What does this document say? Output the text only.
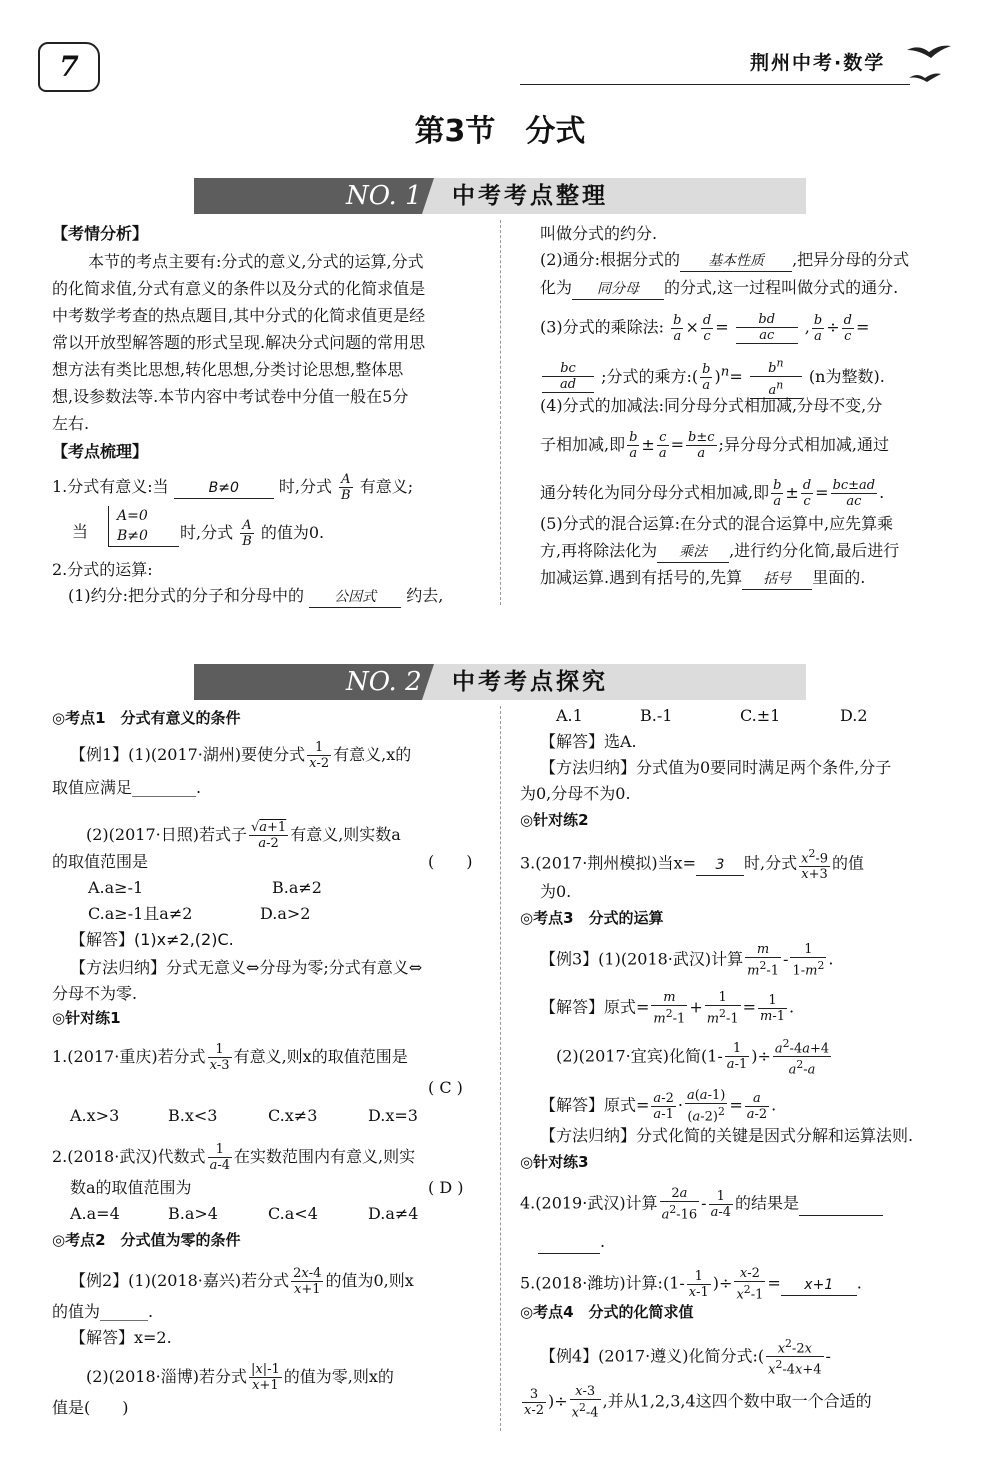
7	荆州中考·数学
第3节　分式
NO. 1	中考考点整理
【考情分析】
本节的考点主要有:分式的意义,分式的运算,分式
的化简求值,分式有意义的条件以及分式的化简求值是
中考数学考查的热点题目,其中分式的化简求值更是经
常以开放型解答题的形式呈现.解决分式问题的常用思
想方法有类比思想,转化思想,分类讨论思想,整体思
想,设参数法等.本节内容中考试卷中分值一般在5分
左右.
【考点梳理】
1.分式有意义:当	B≠0 时,分式 $\frac{A}{B}$ 有意义;
当
A=0
B≠0	时,分式 $\frac{A}{B}$ 的值为0.
2.分式的运算:
(1)约分:把分式的分子和分母中的 公因式 约去,
叫做分式的约分.
(2)通分:根据分式的 基本性质 ,把异分母的分式
化为 同分母 的分式,这一过程叫做分式的通分.
(3)分式的乘除法: $\frac{b}{a} \times \frac{d}{c} = \frac{bd}{ac}$ , $\frac{b}{a} \div \frac{d}{c}$ =
$\frac{bc}{ad}$ ;分式的乘方:( $\frac{b}{a} )^n= \frac{b^n}{a^n} (n$为整数).
(4)分式的加减法:同分母分式相加减,分母不变,分
子相加减,即 $\frac{b}{a} \pm \frac{c}{a} = \frac{b\pm c}{a}$ ;异分母分式相加减,通过
通分转化为同分母分式相加减,即 $\frac{b}{a} \pm \frac{d}{c} = \frac{bc\pm ad}{ac}$ .
(5)分式的混合运算:在分式的混合运算中,应先算乘
方,再将除法化为 乘法 ,进行约分化简,最后进行
加减运算.遇到有括号的,先算 括号 里面的.
NO. 2	中考考点探究
◎考点1　分式有意义的条件
【例1】(1)(2017·湖州)要使分式 $\frac{1}{x-2}$ 有意义,x的
取值应满足________.
(2)(2017·日照)若式子 $\frac{√a+1}{a-2}$ 有意义,则实数a
的取值范围是	(　　)
A.a≥-1	B.a≠2
C.a≥-1且a≠2	D.a>2
【解答】(1)x≠2,(2)C.
【方法归纳】分式无意义⇔分母为零;分式有意义⇔
分母不为零.
◎针对练1
1.(2017·重庆)若分式 $\frac{1}{x-3}$ 有意义,则x的取值范围是
( C )
A.x>3	B.x<3	C.x≠3	D.x=3
2.(2018·武汉)代数式 $\frac{1}{a-4}$ 在实数范围内有意义,则实
数a的取值范围为	( D )
A.a=4	B.a>4	C.a<4	D.a≠4
◎考点2　分式值为零的条件
【例2】(1)(2018·嘉兴)若分式 $\frac{2x-4}{x+1}$ 的值为0,则x
的值为______.
【解答】x=2.
(2)(2018·淄博)若分式 $\frac{|x|-1}{x+1}$ 的值为零,则x的
值是(　　)
A.1	B.-1	C.±1	D.2
【解答】选A.
【方法归纳】分式值为0要同时满足两个条件,分子
为0,分母不为0.
◎针对练2
3.(2017·荆州模拟)当x= 3 时,分式 $\frac{x^2-9}{x+3}$ 的值
为0.
◎考点3　分式的运算
【例3】(1)(2018·武汉)计算 $\frac{m}{m^2-1} - \frac{1}{1-m^2}$ .
【解答】原式= $\frac{m}{m^2-1} + \frac{1}{m^2-1} = \frac{1}{m-1}$ .
(2)(2017·宜宾)化简($1- \frac{1}{a-1}$ )÷ $\frac{a^2-4a+4}{a^2-a}$
【解答】原式= $\frac{a-2}{a-1} \cdot \frac{a(a-1)}{(a-2)^2} = \frac{a}{a-2}$ .
【方法归纳】分式化简的关键是因式分解和运算法则.
◎针对练3
4.(2019·武汉)计算 $\frac{2a}{a^2-16} - \frac{1}{a-4}$ 的结果是
.
5.(2018·潍坊)计算:(1- $\frac{1}{x-1}$ )÷ $\frac{x-2}{x^2-1} = x+1$ .
◎考点4　分式的化简求值
【例4】(2017·遵义)化简分式:( $\frac{x^2-2x}{x^2-4x+4}$ -
$\frac{3}{x-2}$ )÷ $\frac{x-3}{x^2-4}$ ,并从1,2,3,4这四个数中取一个合适的
